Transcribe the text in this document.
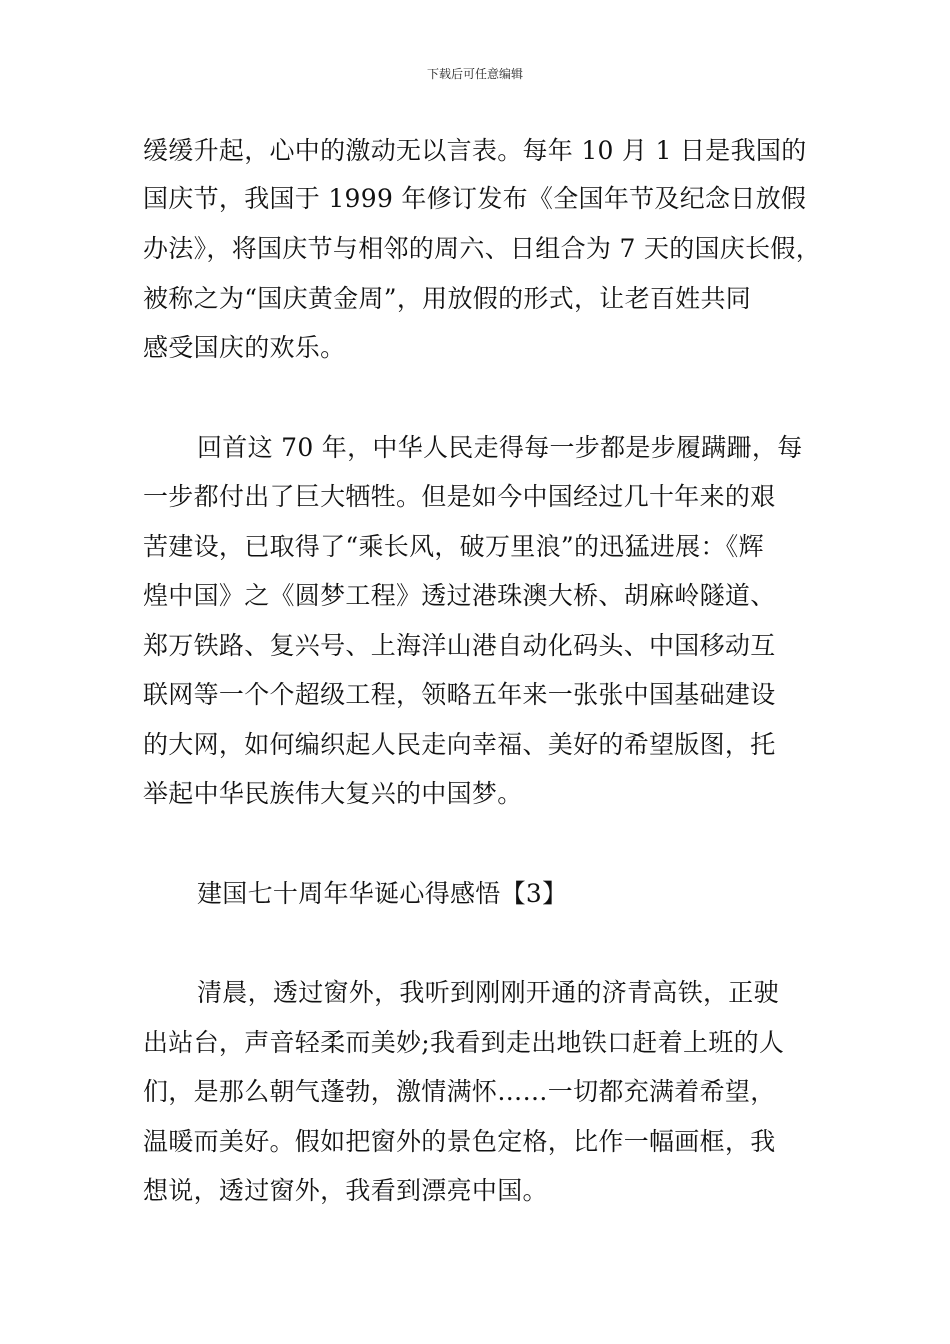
下载后可任意编辑
缓缓升起，心中的激动无以言表。每年 10 月 1 日是我国的
国庆节，我国于 1999 年修订发布《全国年节及纪念日放假
办法》，将国庆节与相邻的周六、日组合为 7 天的国庆长假，
被称之为“国庆黄金周”，用放假的形式，让老百姓共同
感受国庆的欢乐。
回首这 70 年，中华人民走得每一步都是步履蹒跚，每
一步都付出了巨大牺牲。但是如今中国经过几十年来的艰
苦建设，已取得了“乘长风，破万里浪”的迅猛进展：《辉
煌中国》之《圆梦工程》透过港珠澳大桥、胡麻岭隧道、
郑万铁路、复兴号、上海洋山港自动化码头、中国移动互
联网等一个个超级工程，领略五年来一张张中国基础建设
的大网，如何编织起人民走向幸福、美好的希望版图，托
举起中华民族伟大复兴的中国梦。
建国七十周年华诞心得感悟【3】
清晨，透过窗外，我听到刚刚开通的济青高铁，正驶
出站台，声音轻柔而美妙;我看到走出地铁口赶着上班的人
们，是那么朝气蓬勃，激情满怀……一切都充满着希望，
温暖而美好。假如把窗外的景色定格，比作一幅画框，我
想说，透过窗外，我看到漂亮中国。
